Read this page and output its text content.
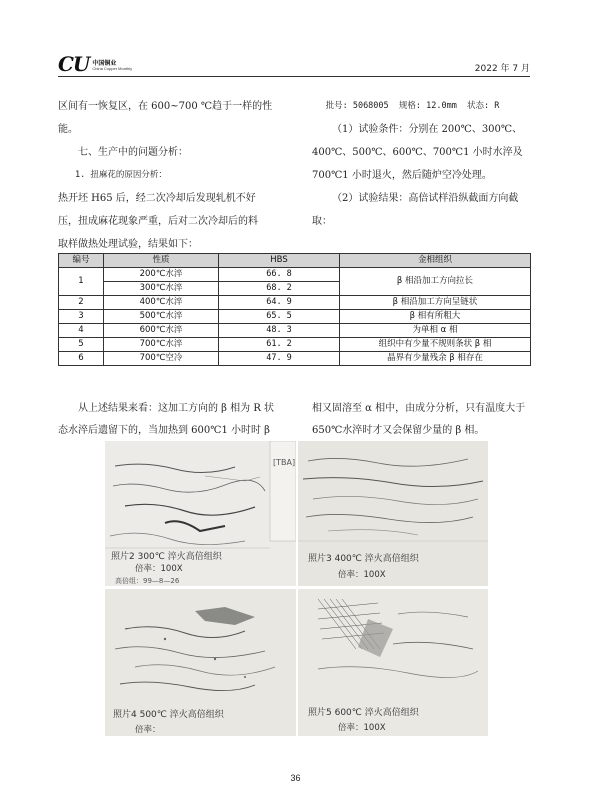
CU 中国铜业
China Copper Monthly	2022 年 7 月

区间有一恢复区，在 600~700 ℃趋于一样的性

能。

七、生产中的问题分析：

1. 扭麻花的原因分析：

热开坯 H65 后，经二次冷却后发现轧机不好

压，扭成麻花现象严重，后对二次冷却后的料

取样做热处理试验，结果如下：

批号: 5068005  规格: 12.0mm  状态: R

（1）试验条件：分别在 200℃、300℃、

400℃、500℃、600℃、700℃1 小时水淬及

700℃1 小时退火，然后随炉空冷处理。

（2）试验结果：高倍试样沿纵截面方向截

取：

编号	性质	HBS	金相组织
1	200℃水淬	66. 8	β 相沿加工方向拉长
	300℃水淬	68. 2	
2	400℃水淬	64. 9	β 相沿加工方向呈链状
3	500℃水淬	65. 5	β 相有所粗大
4	600℃水淬	48. 3	为单相 α 相
5	700℃水淬	61. 2	组织中有少量不规则条状 β 相
6	700℃空冷	47. 9	晶界有少量残余 β 相存在

从上述结果来看：这加工方向的 β 相为 R 状

态水淬后遗留下的，当加热到 600℃1 小时时 β

相又固溶至 α 相中，由成分分析，只有温度大于

650℃水淬时才又会保留少量的 β 相。

[TBA]
照片2 300℃ 淬火高倍组织
倍率：100X
高倍组：99—8—26
照片3 400℃ 淬火高倍组织
倍率：100X
照片4 500℃ 淬火高倍组织
倍率：
照片5 600℃ 淬火高倍组织
倍率：100X
36
